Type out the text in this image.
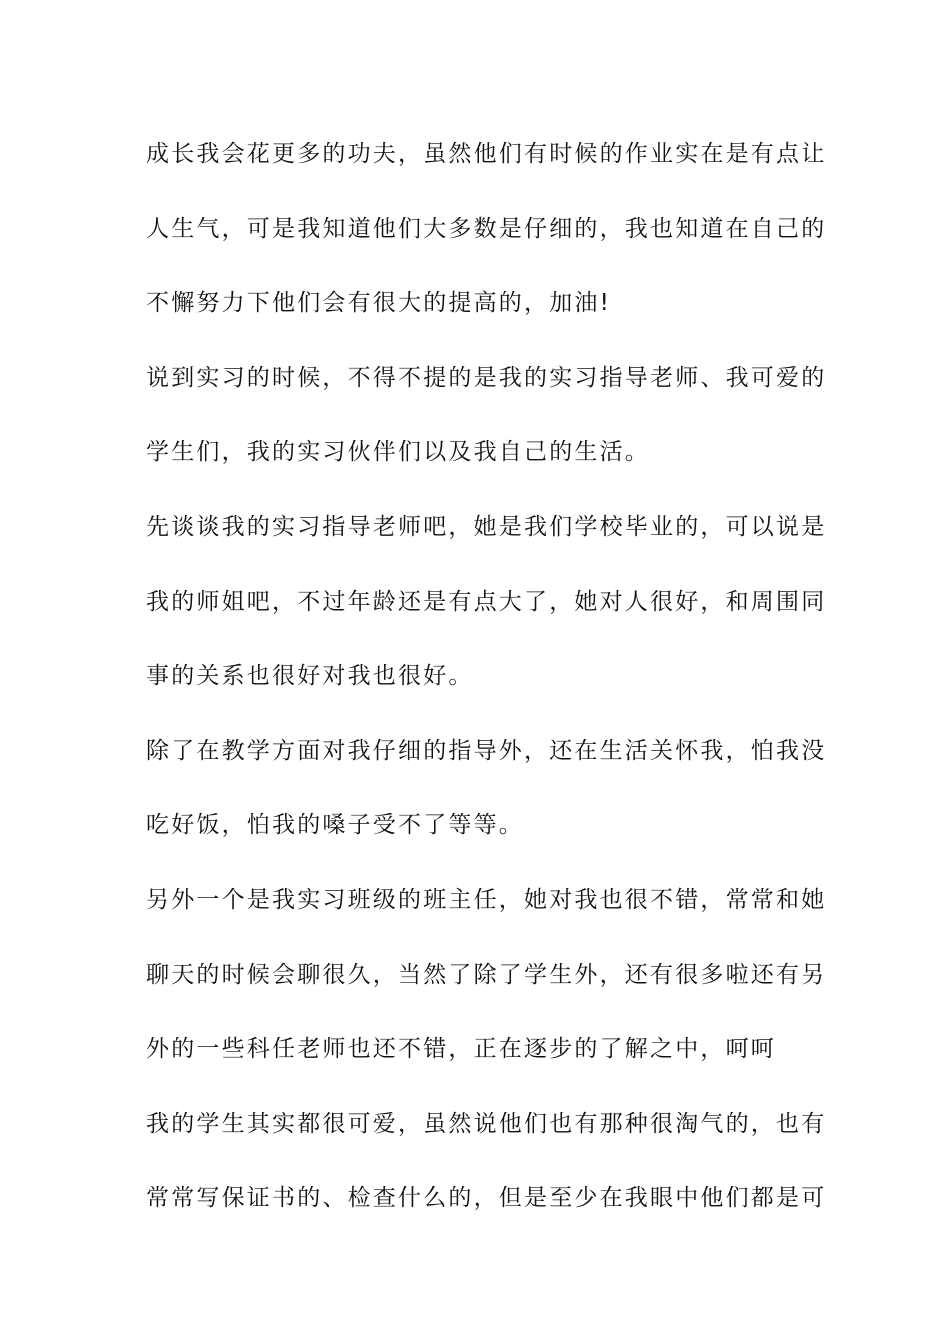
成长我会花更多的功夫，虽然他们有时候的作业实在是有点让
人生气，可是我知道他们大多数是仔细的，我也知道在自己的
不懈努力下他们会有很大的提高的，加油!
说到实习的时候，不得不提的是我的实习指导老师、我可爱的
学生们，我的实习伙伴们以及我自己的生活。
先谈谈我的实习指导老师吧，她是我们学校毕业的，可以说是
我的师姐吧，不过年龄还是有点大了，她对人很好，和周围同
事的关系也很好对我也很好。
除了在教学方面对我仔细的指导外，还在生活关怀我，怕我没
吃好饭，怕我的嗓子受不了等等。
另外一个是我实习班级的班主任，她对我也很不错，常常和她
聊天的时候会聊很久，当然了除了学生外，还有很多啦还有另
外的一些科任老师也还不错，正在逐步的了解之中，呵呵
我的学生其实都很可爱，虽然说他们也有那种很淘气的，也有
常常写保证书的、检查什么的，但是至少在我眼中他们都是可
